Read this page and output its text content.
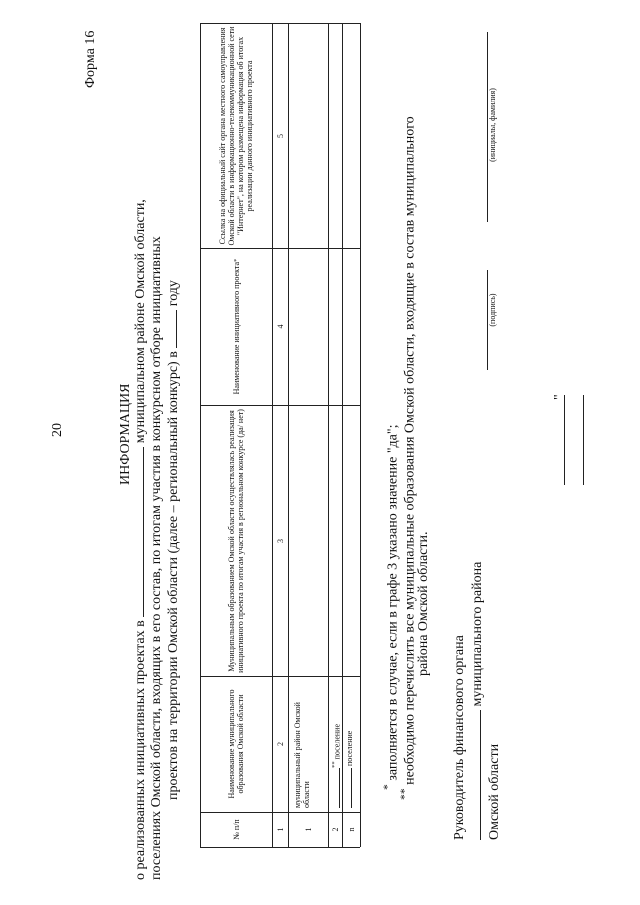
20
Форма 16
ИНФОРМАЦИЯ
о реализованных инициативных проектах в  муниципальном районе Омской области, поселениях Омской области, входящих в его состав, по итогам участия в конкурсном отборе инициативных проектов на территории Омской области (далее – региональный конкурс) в  году
№ п/п
Наименование муниципального образования Омской области
Муниципальным образованием Омской области осуществлялась реализация инициативного проекта по итогам участия в региональном конкурсе (да/ нет)
Наименование инициативного проекта
*
Ссылка на официальный сайт органа местного самоуправления Омской области в информационно-телекоммуникационной сети "Интернет", на котором размещена информация об итогах реализации данного инициативного проекта
1
2
3
4
5
1
муниципальный район Омской области
2
** поселение
n
поселение
* заполняется в случае, если в графе 3 указано значение "да";
** необходимо перечислить все муниципальные образования Омской области, входящие в состав муниципального
района Омской области.
Руководитель финансового органа
муниципального района
Омской области
(подпись)
(инициалы, фамилия)
"
